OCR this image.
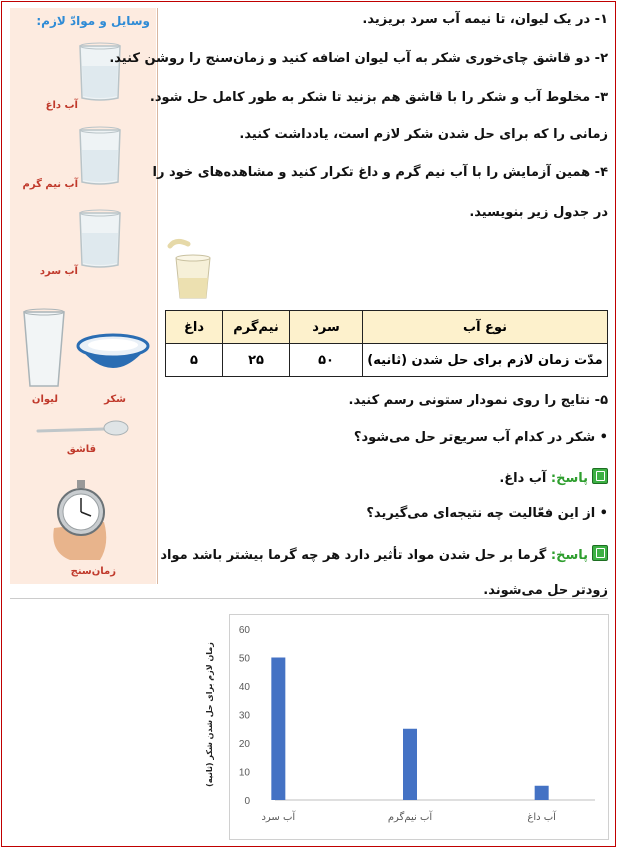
وسایل و موادّ لازم:
آب داغ
آب نیم گرم
آب سرد
لیوان	شکر
قاشق
زمان‌سنج
۱- در یک لیوان، تا نیمه آب سرد بریزید.
۲- دو قاشق چای‌خوری شکر به آب لیوان اضافه کنید و زمان‌سنج را روشن کنید.
۳- مخلوط آب و شکر را با قاشق هم بزنید تا شکر به طور کامل حل شود.
زمانی را که برای حل شدن شکر لازم است، یادداشت کنید.
۴- همین آزمایش را با آب نیم گرم و داغ تکرار کنید و مشاهده‌های خود را
در جدول زیر بنویسید.
نوع آب	سرد	نیم‌گرم	داغ
مدّت زمان لازم برای حل شدن (ثانیه)	۵۰	۲۵	۵
۵- نتایج را روی نمودار ستونی رسم کنید.
• شکر در کدام آب سریع‌تر حل می‌شود؟
پاسخ: آب داغ.
• از این فعّالیت چه نتیجه‌ای می‌گیرید؟
پاسخ: گرما بر حل شدن مواد تأثیر دارد هر چه گرما بیشتر باشد مواد
زودتر حل می‌شوند.
0
10
20
30
40
50
60
آب سرد	آب نیم‌گرم	آب داغ
زمان لازم برای حل شدن شکر (ثانیه)
